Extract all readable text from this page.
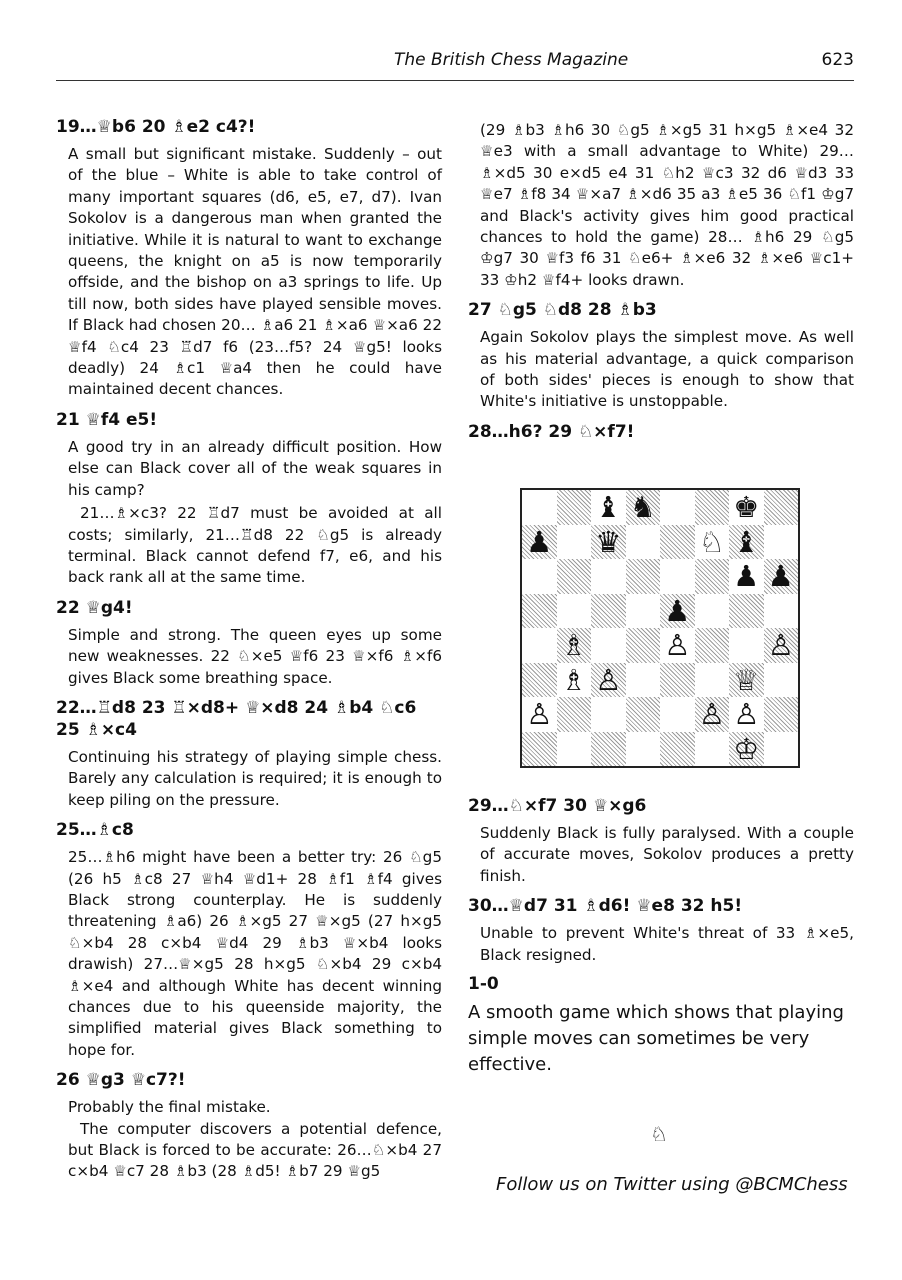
The British Chess Magazine	623
19…♕b6 20 ♗e2 c4?!
A small but significant mistake. Suddenly – out of the blue – White is able to take control of many important squares (d6, e5, e7, d7). Ivan Sokolov is a dangerous man when granted the initiative. While it is natural to want to exchange queens, the knight on a5 is now temporarily offside, and the bishop on a3 springs to life. Up till now, both sides have played sensible moves. If Black had chosen 20… ♗a6 21 ♗×a6 ♕×a6 22 ♕f4 ♘c4 23 ♖d7 f6 (23…f5? 24 ♕g5! looks deadly) 24 ♗c1 ♕a4 then he could have maintained decent chances.
21 ♕f4 e5!
A good try in an already difficult position. How else can Black cover all of the weak squares in his camp?
21…♗×c3? 22 ♖d7 must be avoided at all costs; similarly, 21…♖d8 22 ♘g5 is already terminal. Black cannot defend f7, e6, and his back rank all at the same time.
22 ♕g4!
Simple and strong. The queen eyes up some new weaknesses. 22 ♘×e5 ♕f6 23 ♕×f6 ♗×f6 gives Black some breathing space.
22…♖d8 23 ♖×d8+ ♕×d8 24 ♗b4 ♘c6 25 ♗×c4
Continuing his strategy of playing simple chess. Barely any calculation is required; it is enough to keep piling on the pressure.
25…♗c8
25…♗h6 might have been a better try: 26 ♘g5 (26 h5 ♗c8 27 ♕h4 ♕d1+ 28 ♗f1 ♗f4 gives Black strong counterplay. He is suddenly threatening ♗a6) 26 ♗×g5 27 ♕×g5 (27 h×g5 ♘×b4 28 c×b4 ♕d4 29 ♗b3 ♕×b4 looks drawish) 27…♕×g5 28 h×g5 ♘×b4 29 c×b4 ♗×e4 and although White has decent winning chances due to his queenside majority, the simplified material gives Black something to hope for.
26 ♕g3 ♕c7?!
Probably the final mistake.
The computer discovers a potential defence, but Black is forced to be accurate: 26…♘×b4 27 c×b4 ♕c7 28 ♗b3 (28 ♗d5! ♗b7 29 ♕g5
(29 ♗b3 ♗h6 30 ♘g5 ♗×g5 31 h×g5 ♗×e4 32 ♕e3 with a small advantage to White) 29… ♗×d5 30 e×d5 e4 31 ♘h2 ♕c3 32 d6 ♕d3 33 ♕e7 ♗f8 34 ♕×a7 ♗×d6 35 a3 ♗e5 36 ♘f1 ♔g7 and Black's activity gives him good practical chances to hold the game) 28… ♗h6 29 ♘g5 ♔g7 30 ♕f3 f6 31 ♘e6+ ♗×e6 32 ♗×e6 ♕c1+ 33 ♔h2 ♕f4+ looks drawn.
27 ♘g5 ♘d8 28 ♗b3
Again Sokolov plays the simplest move. As well as his material advantage, a quick comparison of both sides' pieces is enough to show that White's initiative is unstoppable.
28…h6? 29 ♘×f7!
29…♘×f7 30 ♕×g6
Suddenly Black is fully paralysed. With a couple of accurate moves, Sokolov produces a pretty finish.
30…♕d7 31 ♗d6! ♕e8 32 h5!
Unable to prevent White's threat of 33 ♗×e5, Black resigned.
1-0
A smooth game which shows that playing simple moves can sometimes be very effective.
♝ ♞	♚
♟ ♛	♘ ♝
♟ ♟
♟
♗	♙	♙
♗ ♙	♕
♙	♙ ♙
♔
♘
Follow us on Twitter using @BCMChess
